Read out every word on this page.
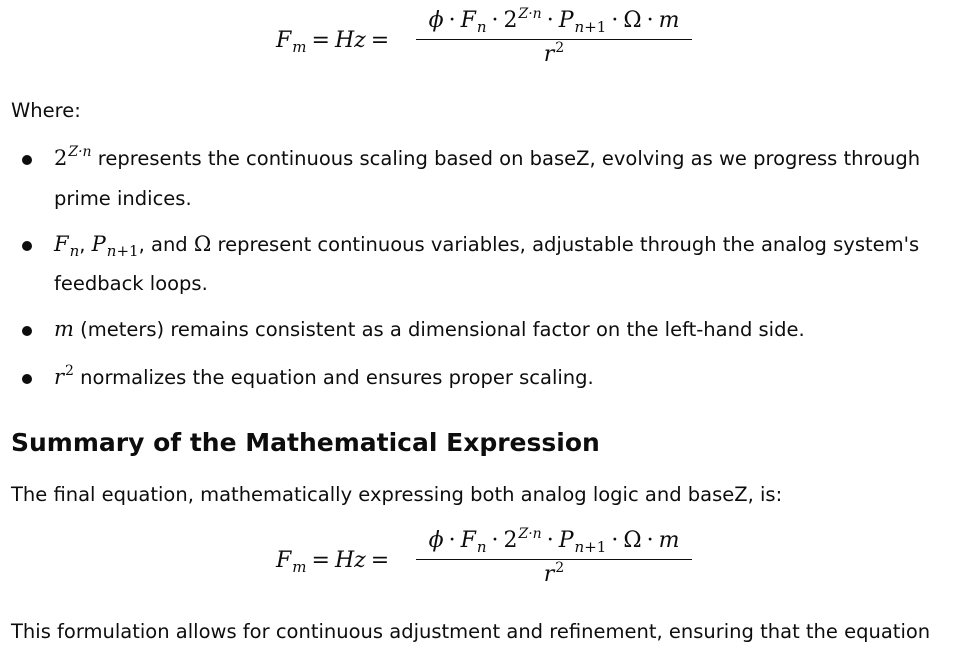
$F_m = Hz$ =
$\phi \cdot F_n \cdot 2^{Z\cdot n} \cdot P_{n+1} \cdot \Omega \cdot m$
$r^2$
Where:
$2^{Z\cdot n}$ represents the continuous scaling based on baseZ, evolving as we progress through prime indices.
$F_n$, $P_{n+1}$, and Ω represent continuous variables, adjustable through the analog system's feedback loops.
m (meters) remains consistent as a dimensional factor on the left-hand side.
$r^2$ normalizes the equation and ensures proper scaling.
Summary of the Mathematical Expression
The final equation, mathematically expressing both analog logic and baseZ, is:
$F_m = Hz$ =
$\phi \cdot F_n \cdot 2^{Z\cdot n} \cdot P_{n+1} \cdot \Omega \cdot m$
$r^2$
This formulation allows for continuous adjustment and refinement, ensuring that the equation
